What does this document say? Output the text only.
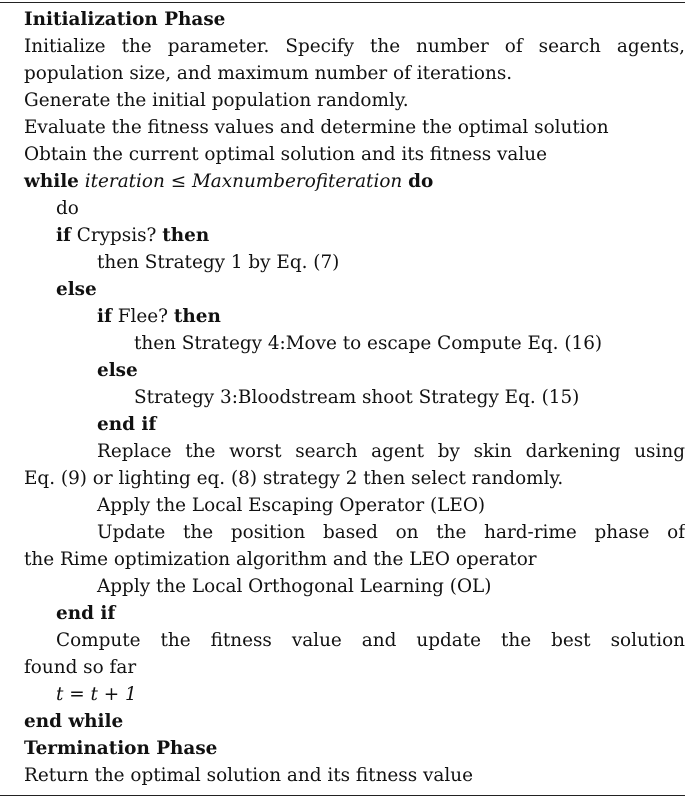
Initialization Phase
Initialize the parameter. Specify the number of search agents,
population size, and maximum number of iterations.
Generate the initial population randomly.
Evaluate the fitness values and determine the optimal solution
Obtain the current optimal solution and its fitness value
while iteration ≤ Maxnumberofiteration do
do
if Crypsis? then
then Strategy 1 by Eq. (7)
else
if Flee? then
then Strategy 4:Move to escape Compute Eq. (16)
else
Strategy 3:Bloodstream shoot Strategy Eq. (15)
end if
Replace the worst search agent by skin darkening using
Eq. (9) or lighting eq. (8) strategy 2 then select randomly.
Apply the Local Escaping Operator (LEO)
Update the position based on the hard-rime phase of
the Rime optimization algorithm and the LEO operator
Apply the Local Orthogonal Learning (OL)
end if
Compute the fitness value and update the best solution
found so far
t = t + 1
end while
Termination Phase
Return the optimal solution and its fitness value
